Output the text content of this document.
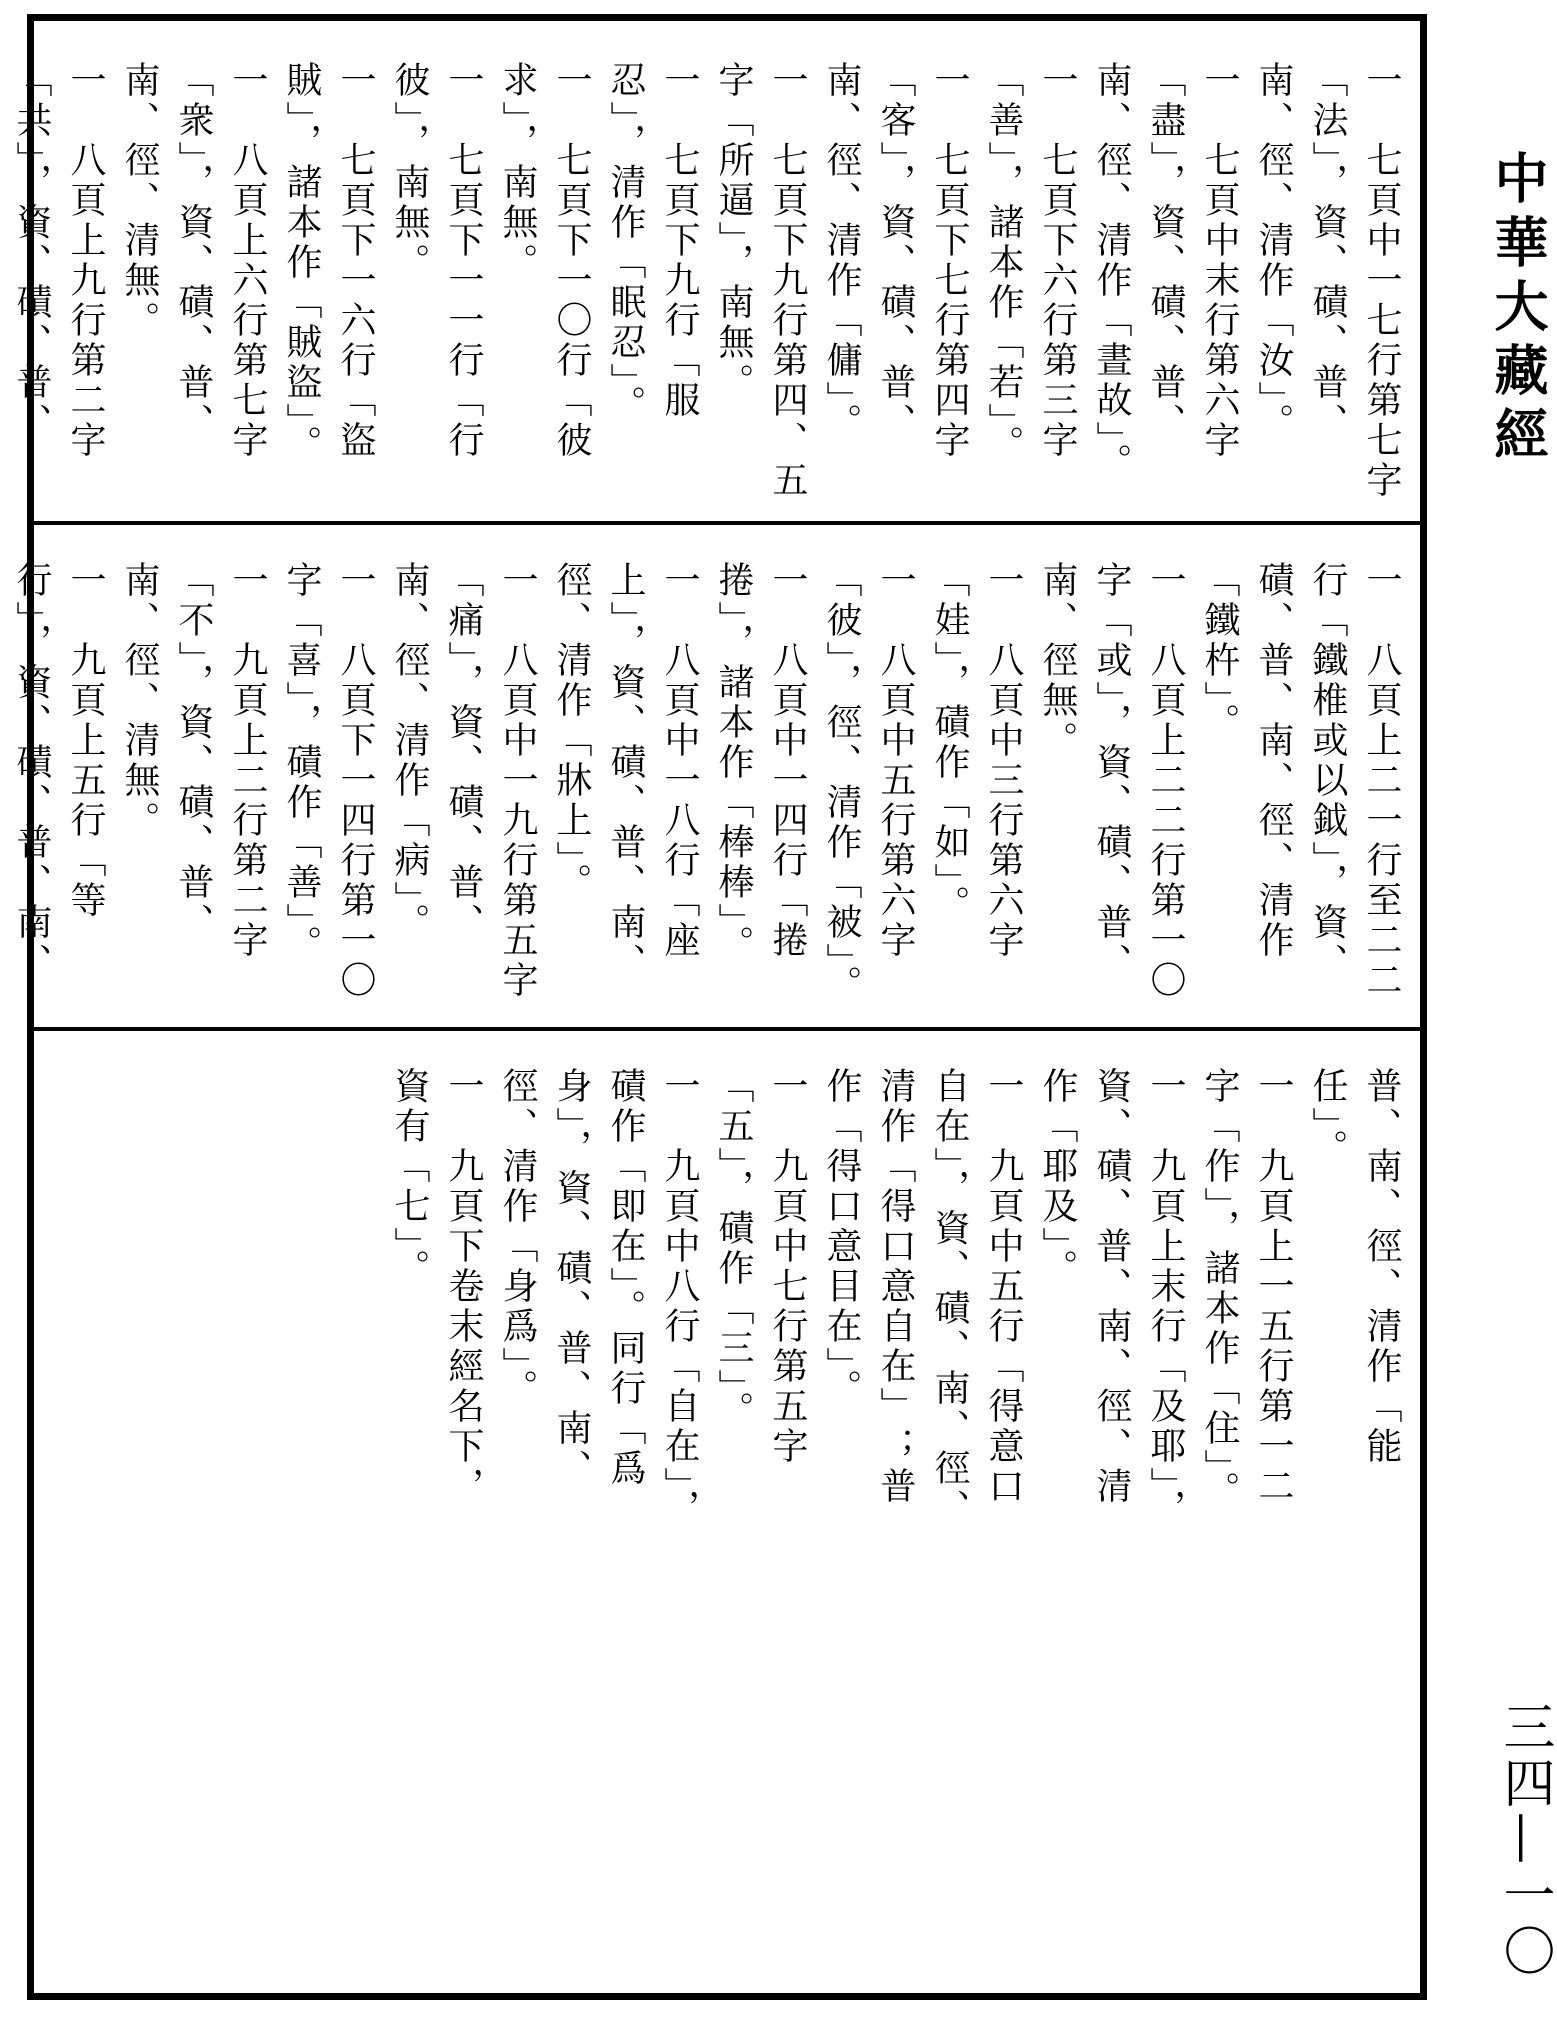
中華大藏經
一　七頁中一七行第七字「法」，資、磧、普、南、徑、清作「汝」。
一　七頁中末行第六字「盡」，資、磧、普、南、徑、清作「晝故」。
一　七頁下六行第三字「善」，諸本作「若」。
一　七頁下七行第四字「客」，資、磧、普、南、徑、清作「傭」。
一　七頁下九行第四、五字「所逼」，南無。
一　七頁下九行「服忍」，清作「眠忍」。
一　七頁下一〇行「彼求」，南無。
一　七頁下一一行「行彼」，南無。
一　七頁下一六行「盜賊」，諸本作「賊盜」。
一　八頁上六行第七字「衆」，資、磧、普、南、徑、清無。
一　八頁上九行第二字「共」，資、磧、普、
一　八頁上二一行至二二行「鐵椎或以鉞」，資、磧、普、南、徑、清作「鐵杵」。
一　八頁上二二行第一〇字「或」，資、磧、普、南、徑無。
一　八頁中三行第六字「娃」，磧作「如」。
一　八頁中五行第六字「彼」，徑、清作「被」。
一　八頁中一四行「捲捲」，諸本作「棒棒」。
一　八頁中一八行「座上」，資、磧、普、南、徑、清作「牀上」。
一　八頁中一九行第五字「痛」，資、磧、普、南、徑、清作「病」。
一　八頁下一四行第一〇字「喜」，磧作「善」。
一　九頁上二行第二字「不」，資、磧、普、南、徑、清無。
一　九頁上五行「等行」，資、磧、普、南、
普、南、徑、清作「能任」。
一　九頁上一五行第一二字「作」，諸本作「住」。
一　九頁上末行「及耶」，資、磧、普、南、徑、清作「耶及」。
一　九頁中五行「得意口自在」，資、磧、南、徑、清作「得口意自在」；普作「得口意目在」。
一　九頁中七行第五字「五」，磧作「三」。
一　九頁中八行「自在」，磧作「即在」。同行「爲身」，資、磧、普、南、徑、清作「身爲」。
一　九頁下卷末經名下，資有「七」。
三四—一〇
